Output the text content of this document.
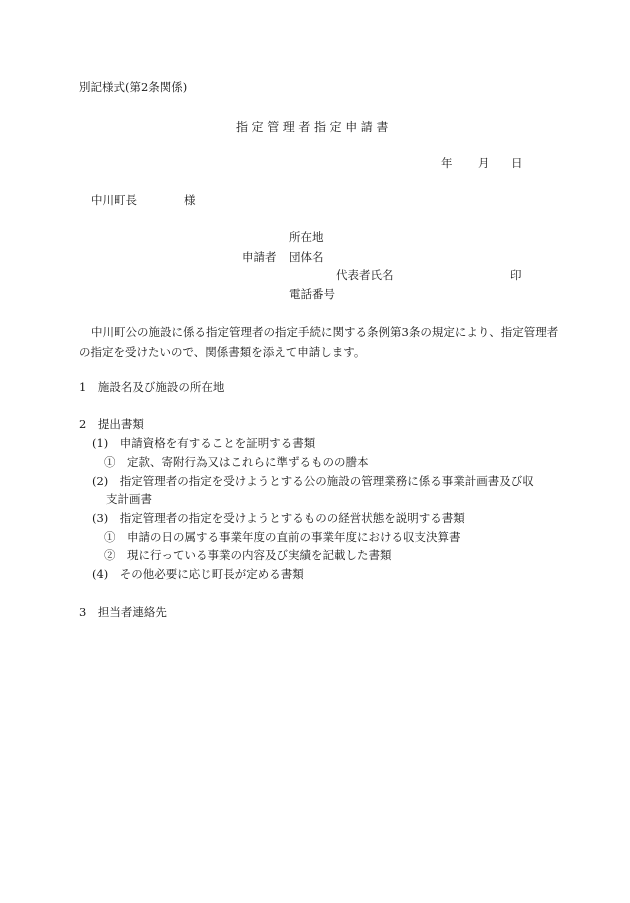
別記様式(第2条関係)
指定管理者指定申請書
年 月 日
中川町長	様
所在地
申請者 団体名
代表者氏名	印
電話番号
中川町公の施設に係る指定管理者の指定手続に関する条例第3条の規定により、指定管理者の指定を受けたいので、関係書類を添えて申請します。
1　施設名及び施設の所在地
2　提出書類
(1)　申請資格を有することを証明する書類
①　定款、寄附行為又はこれらに準ずるものの謄本
(2)　指定管理者の指定を受けようとする公の施設の管理業務に係る事業計画書及び収
支計画書
(3)　指定管理者の指定を受けようとするものの経営状態を説明する書類
①　申請の日の属する事業年度の直前の事業年度における収支決算書
②　現に行っている事業の内容及び実績を記載した書類
(4)　その他必要に応じ町長が定める書類
3　担当者連絡先
